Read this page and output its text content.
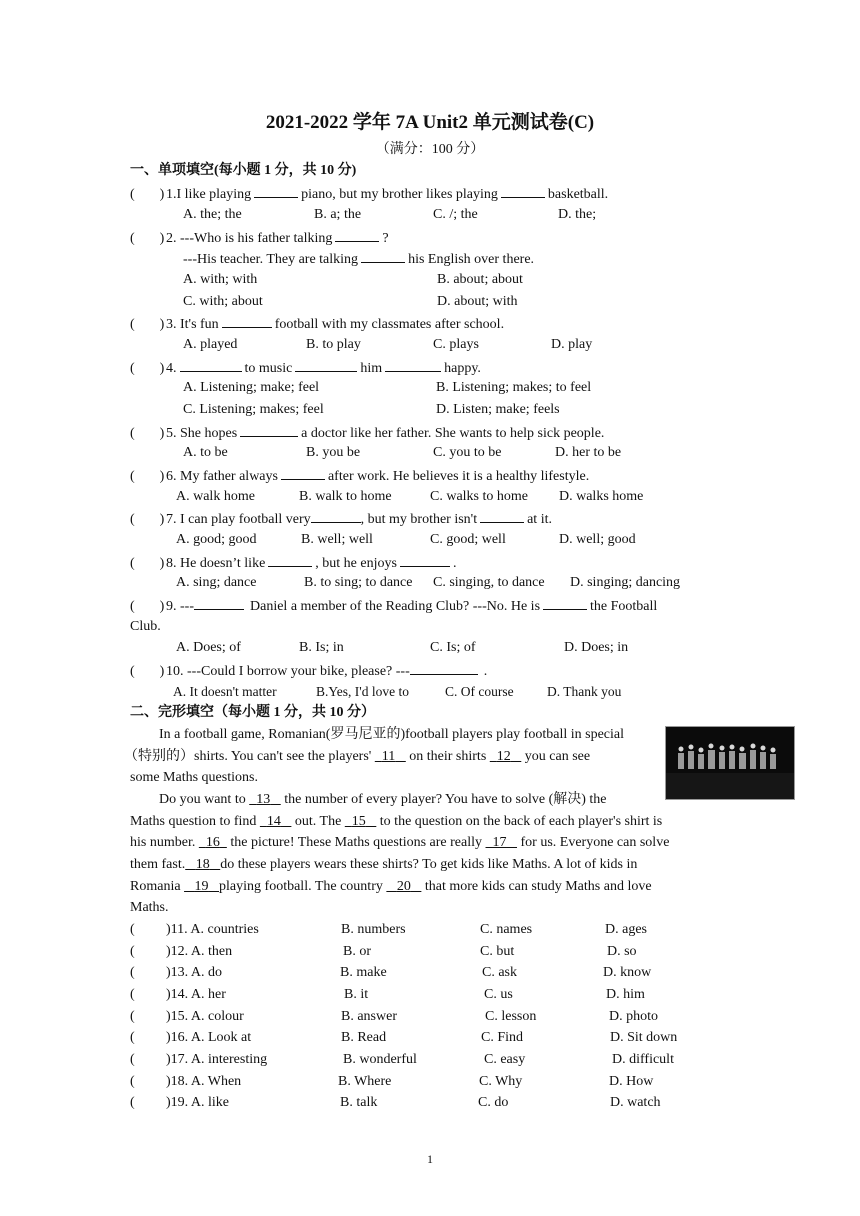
2021-2022 学年 7A Unit2 单元测试卷(C)
（满分：100 分）
一、单项填空(每小题 1 分，共 10 分)
( ) 1.I like playing	piano, but my brother likes playing	basketball.
A. the; the	B. a; the	C. /; the	D. the;
( ) 2. ---Who is his father talking	?
---His teacher. They are talking	his English over there.
A. with; with	B. about; about
C. with; about	D. about; with
( ) 3. It's fun	football with my classmates after school.
A. played	B. to play	C. plays	D. play
( ) 4.	to music	him	happy.
A. Listening; make; feel	B. Listening; makes; to feel
C. Listening; makes; feel	D. Listen; make; feels
( ) 5. She hopes	a doctor like her father. She wants to help sick people.
A. to be	B. you be	C. you to be	D. her to be
( ) 6. My father always	after work. He believes it is a healthy lifestyle.
A. walk home	B. walk to home	C. walks to home D. walks home
( ) 7. I can play football very	, but my brother isn't	at it.
A. good; good	B. well; well	C. good; well	D. well; good
( ) 8. He doesn’t like	, but he enjoys	.
A. sing; dance	B. to sing; to dance C. singing, to dance D. singing; dancing
( ) 9. ---	Daniel a member of the Reading Club? ---No. He is	the Football
Club.
A. Does; of	B. Is; in	C. Is; of	D. Does; in
( ) 10. ---Could I borrow your bike, please? ---	.
A. It doesn't matter	B.Yes, I'd love to	C. Of course D. Thank you
二、完形填空（每小题 1 分，共 10 分）
In a football game, Romanian(罗马尼亚的)football players play football in special
（特别的）shirts. You can't see the players' 11 on their shirts 12 you can see
some Maths questions.
Do you want to 13 the number of every player? You have to solve (解决) the
Maths question to find 14 out. The 15 to the question on the back of each player's shirt is
his number. 16 the picture! These Maths questions are really 17 for us. Everyone can solve
them fast. 18 do these players wears these shirts? To get kids like Maths. A lot of kids in
Romania 19 playing football. The country 20 that more kids can study Maths and love
Maths.
( )11. A. countries	B. numbers	C. names	D. ages
( )12. A. then	B. or	C. but	D. so
( )13. A. do	B. make	C. ask	D. know
( )14. A. her	B. it	C. us	D. him
( )15. A. colour	B. answer	C. lesson	D. photo
( )16. A. Look at	B. Read	C. Find	D. Sit down
( )17. A. interesting	B. wonderful	C. easy	D. difficult
( )18. A. When	B. Where	C. Why	D. How
( )19. A. like	B. talk	C. do	D. watch
1
